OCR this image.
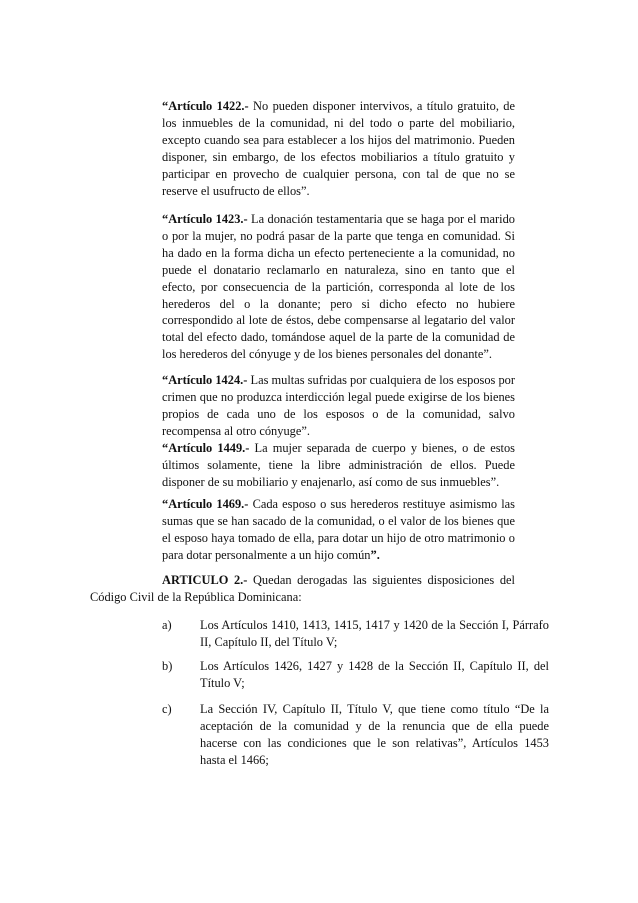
“Artículo 1422.- No pueden disponer intervivos, a título gratuito, de los inmuebles de la comunidad, ni del todo o parte del mobiliario, excepto cuando sea para establecer a los hijos del matrimonio. Pueden disponer, sin embargo, de los efectos mobiliarios a título gratuito y participar en provecho de cualquier persona, con tal de que no se reserve el usufructo de ellos”.

“Artículo 1423.- La donación testamentaria que se haga por el marido o por la mujer, no podrá pasar de la parte que tenga en comunidad. Si ha dado en la forma dicha un efecto perteneciente a la comunidad, no puede el donatario reclamarlo en naturaleza, sino en tanto que el efecto, por consecuencia de la partición, corresponda al lote de los herederos del o la donante; pero si dicho efecto no hubiere correspondido al lote de éstos, debe compensarse al legatario del valor total del efecto dado, tomándose aquel de la parte de la comunidad de los herederos del cónyuge y de los bienes personales del donante”.

“Artículo 1424.- Las multas sufridas por cualquiera de los esposos por crimen que no produzca interdicción legal puede exigirse de los bienes propios de cada uno de los esposos o de la comunidad, salvo recompensa al otro cónyuge”.

“Artículo 1449.- La mujer separada de cuerpo y bienes, o de estos últimos solamente, tiene la libre administración de ellos. Puede disponer de su mobiliario y enajenarlo, así como de sus inmuebles”.

“Artículo 1469.- Cada esposo o sus herederos restituye asimismo las sumas que se han sacado de la comunidad, o el valor de los bienes que el esposo haya tomado de ella, para dotar un hijo de otro matrimonio o para dotar personalmente a un hijo común”.

ARTICULO 2.- Quedan derogadas las siguientes disposiciones del Código Civil de la República Dominicana:

a)	Los Artículos 1410, 1413, 1415, 1417 y 1420 de la Sección I, Párrafo II, Capítulo II, del Título V;
b)	Los Artículos 1426, 1427 y 1428 de la Sección II, Capítulo II, del Título V;
c)	La Sección IV, Capítulo II, Título V, que tiene como título “De la aceptación de la comunidad y de la renuncia que de ella puede hacerse con las condiciones que le son relativas”, Artículos 1453 hasta el 1466;
